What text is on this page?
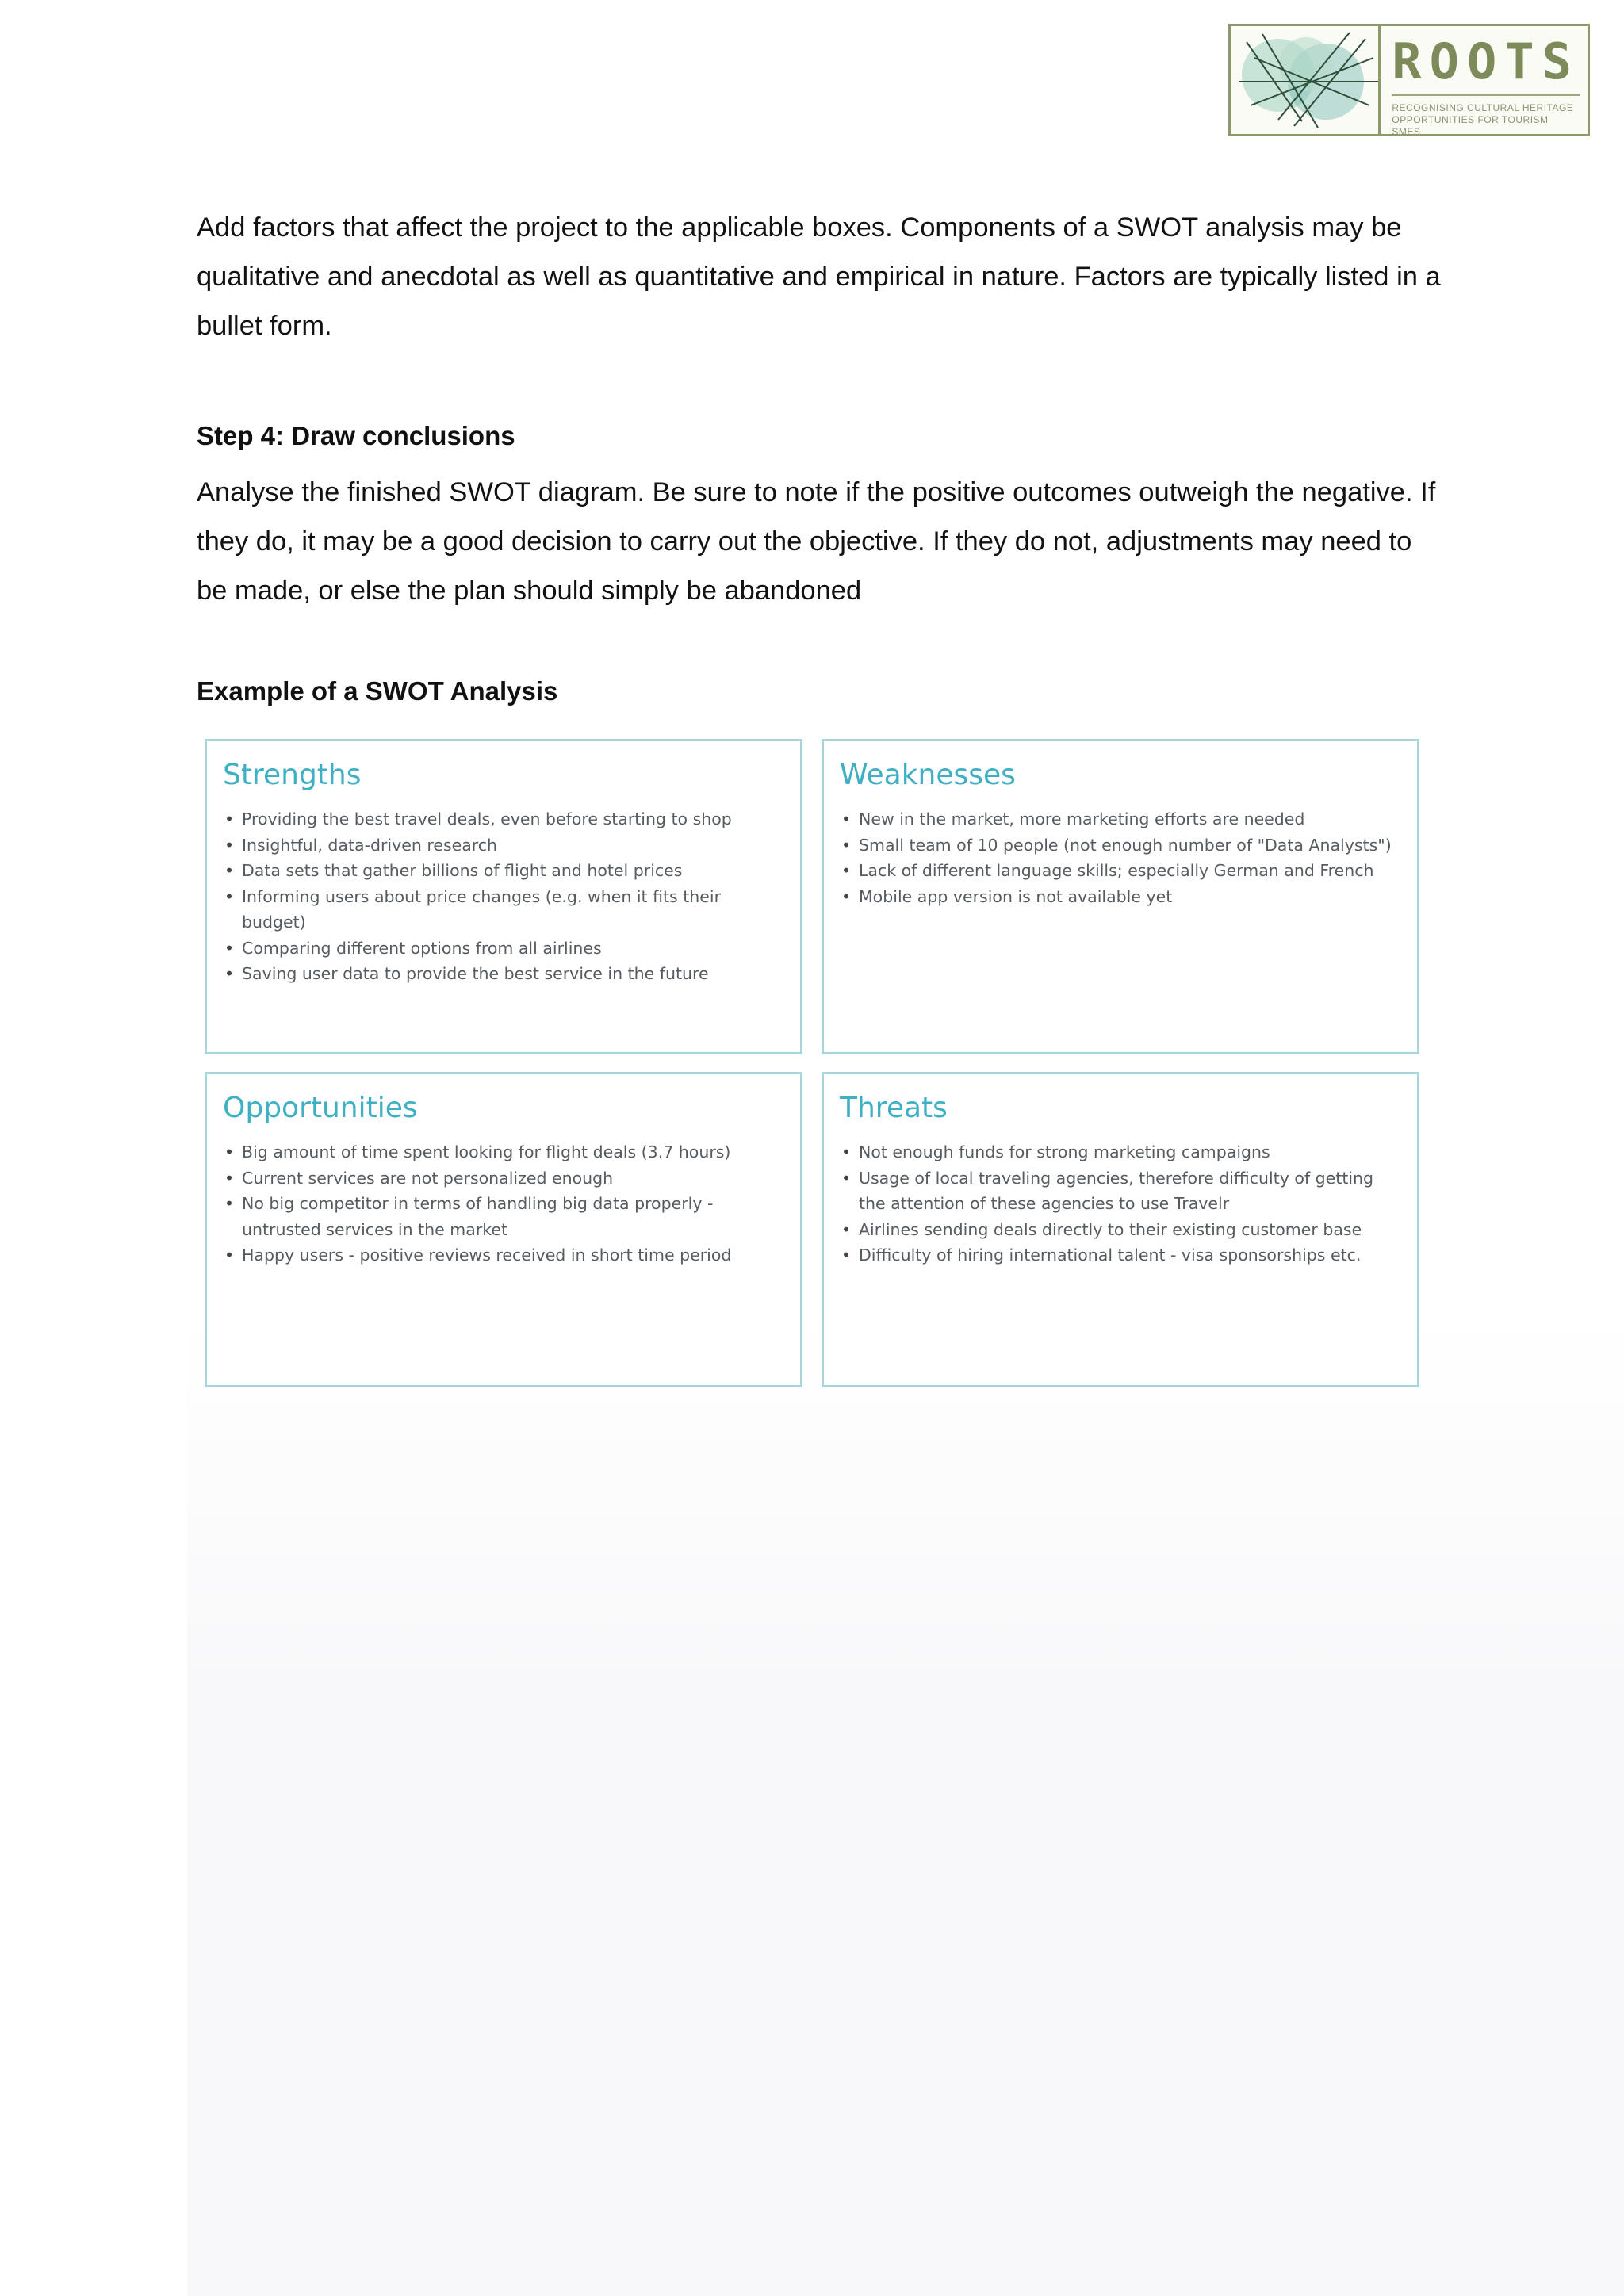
ROOTS
RECOGNISING CULTURAL HERITAGE
OPPORTUNITIES FOR TOURISM SMES

Add factors that affect the project to the applicable boxes. Components of a SWOT analysis may be qualitative and anecdotal as well as quantitative and empirical in nature. Factors are typically listed in a bullet form.

Step 4: Draw conclusions

Analyse the finished SWOT diagram. Be sure to note if the positive outcomes outweigh the negative. If they do, it may be a good decision to carry out the objective. If they do not, adjustments may need to be made, or else the plan should simply be abandoned

Example of a SWOT Analysis
Strengths
• Providing the best travel deals, even before starting to shop
• Insightful, data-driven research
• Data sets that gather billions of flight and hotel prices
• Informing users about price changes (e.g. when it fits their budget)
• Comparing different options from all airlines
• Saving user data to provide the best service in the future
Weaknesses
• New in the market, more marketing efforts are needed
• Small team of 10 people (not enough number of "Data Analysts")
• Lack of different language skills; especially German and French
• Mobile app version is not available yet
Opportunities
• Big amount of time spent looking for flight deals (3.7 hours)
• Current services are not personalized enough
• No big competitor in terms of handling big data properly - untrusted services in the market
• Happy users - positive reviews received in short time period
Threats
• Not enough funds for strong marketing campaigns
• Usage of local traveling agencies, therefore difficulty of getting the attention of these agencies to use Travelr
• Airlines sending deals directly to their existing customer base
• Difficulty of hiring international talent - visa sponsorships etc.
